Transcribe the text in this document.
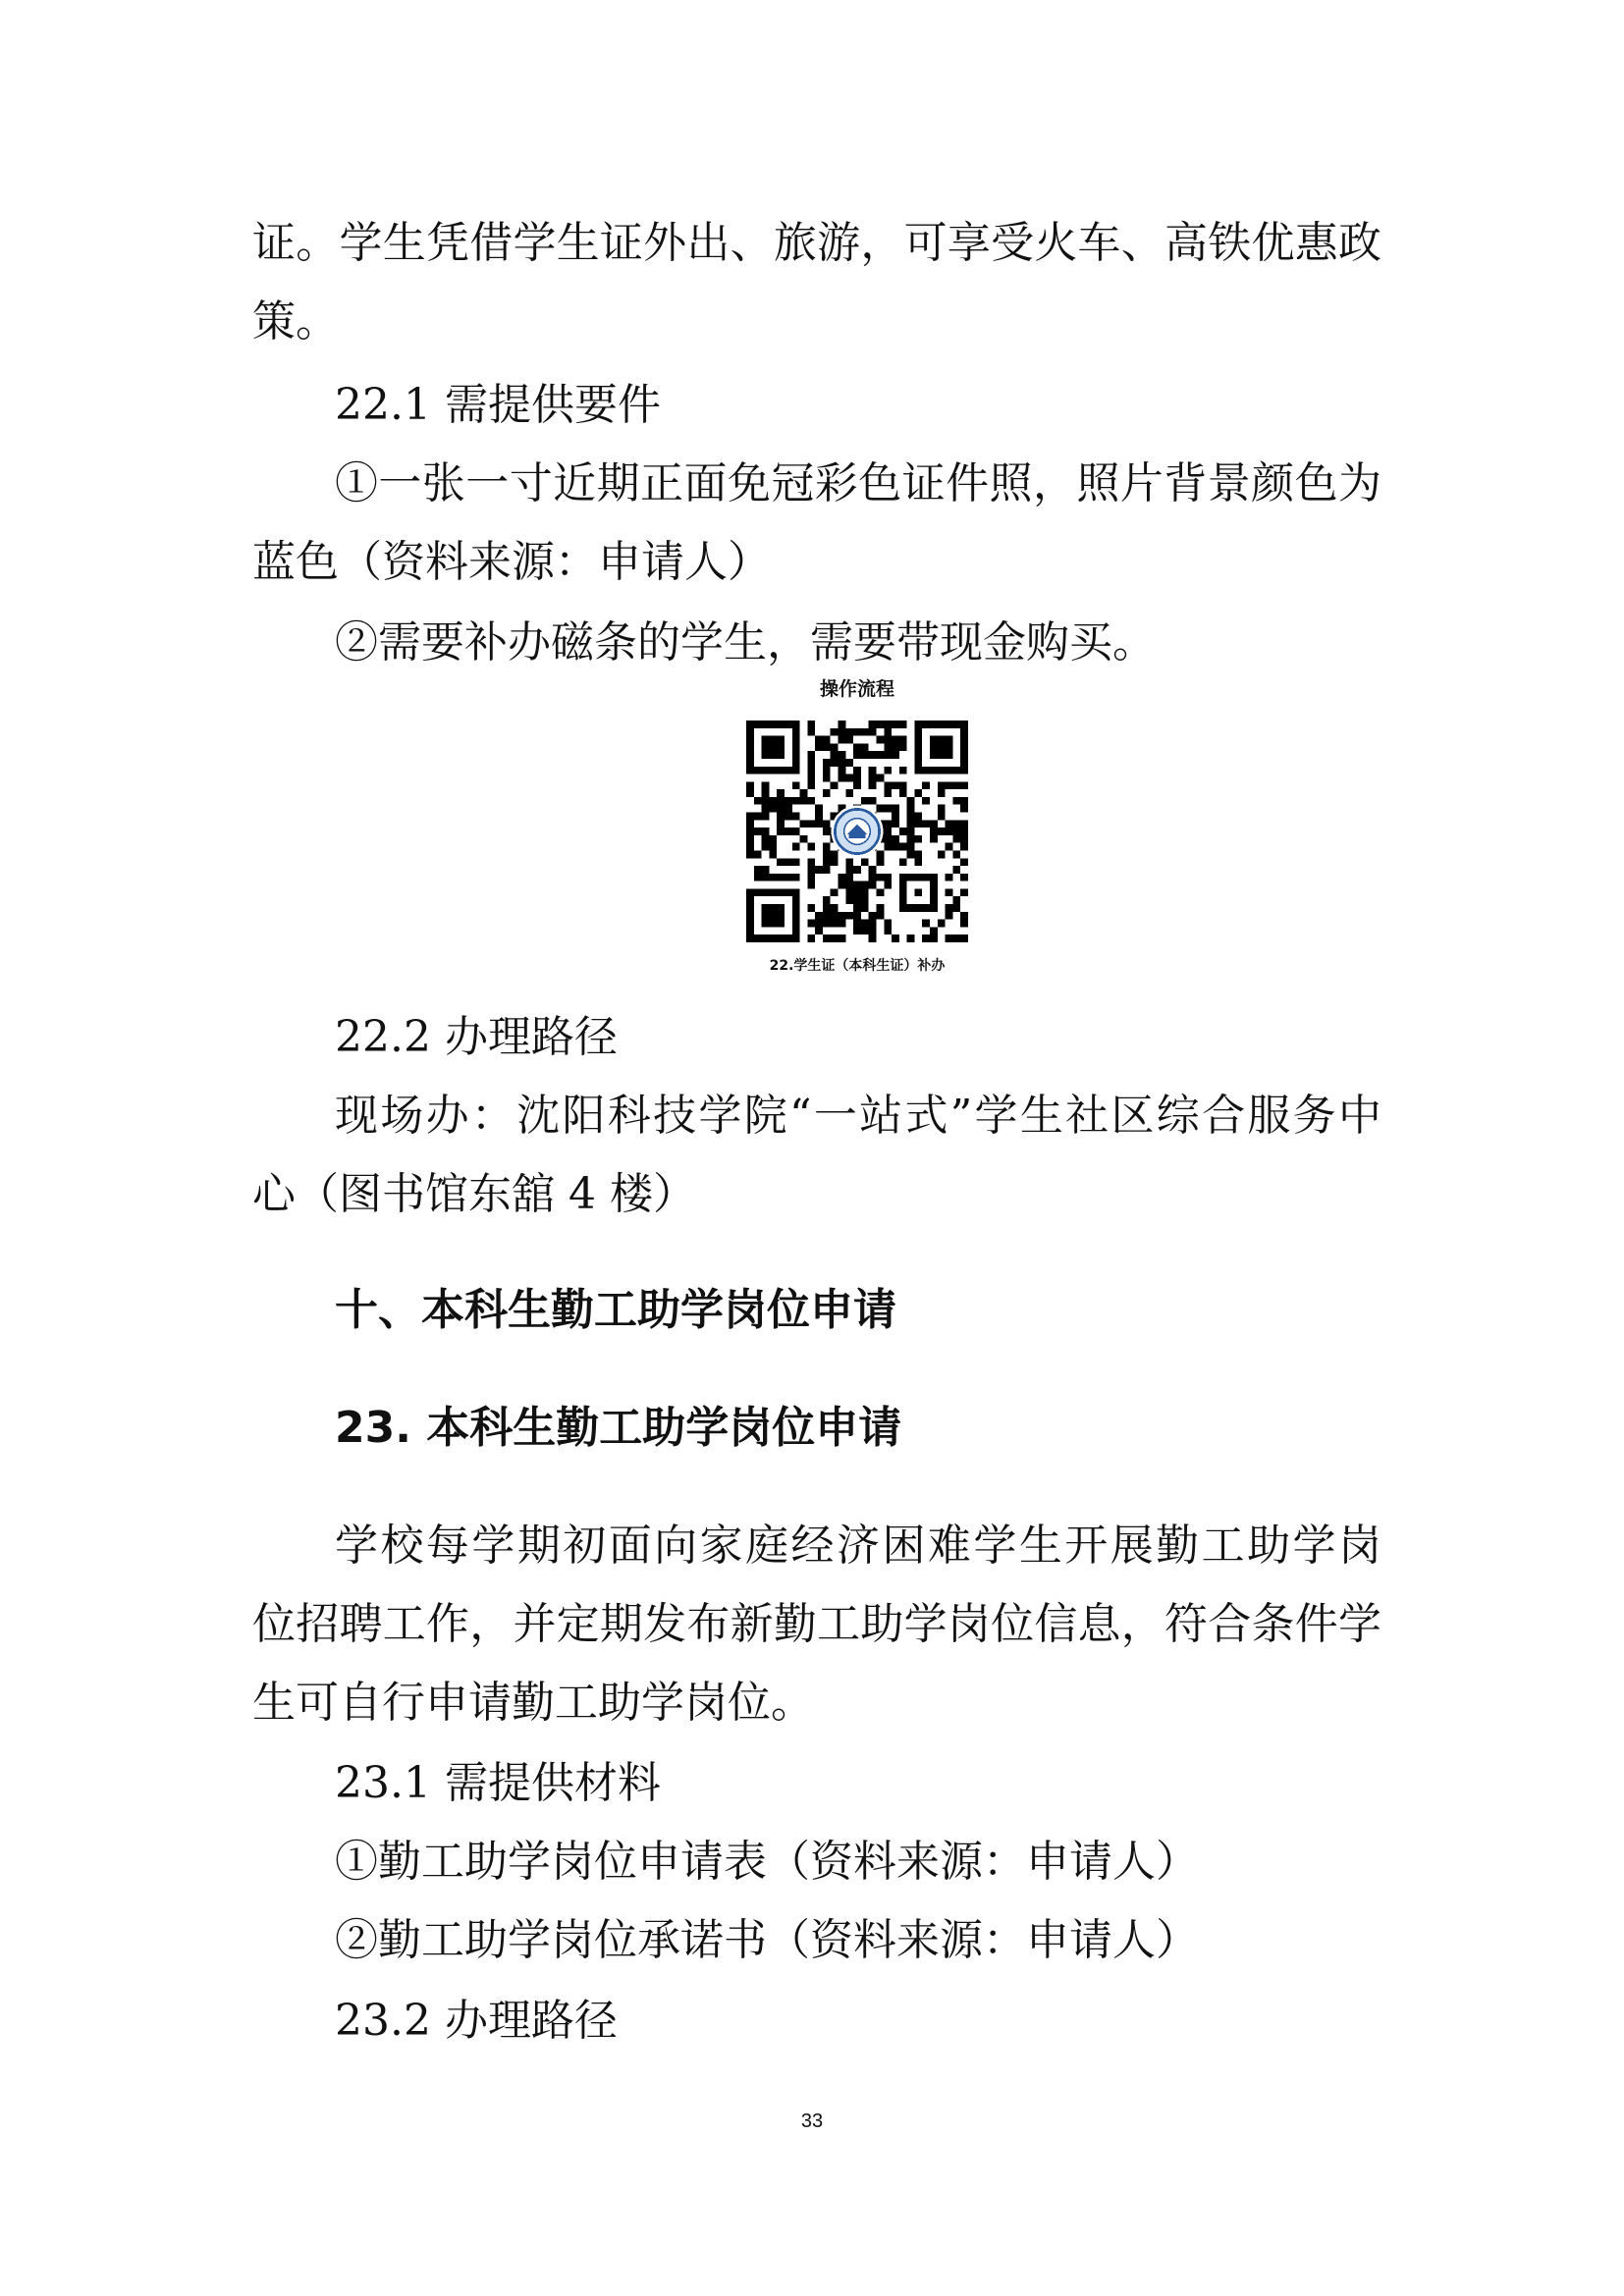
证。学生凭借学生证外出、旅游，可享受火车、高铁优惠政
策。
22.1 需提供要件
①一张一寸近期正面免冠彩色证件照，照片背景颜色为
蓝色（资料来源：申请人）
②需要补办磁条的学生，需要带现金购买。
22.2 办理路径
现场办：沈阳科技学院“一站式”学生社区综合服务中
心（图书馆东舘 4 楼）
十、本科生勤工助学岗位申请
23. 本科生勤工助学岗位申请
学校每学期初面向家庭经济困难学生开展勤工助学岗
位招聘工作，并定期发布新勤工助学岗位信息，符合条件学
生可自行申请勤工助学岗位。
23.1 需提供材料
①勤工助学岗位申请表（资料来源：申请人）
②勤工助学岗位承诺书（资料来源：申请人）
23.2 办理路径
操作流程
22.学生证（本科生证）补办
33
